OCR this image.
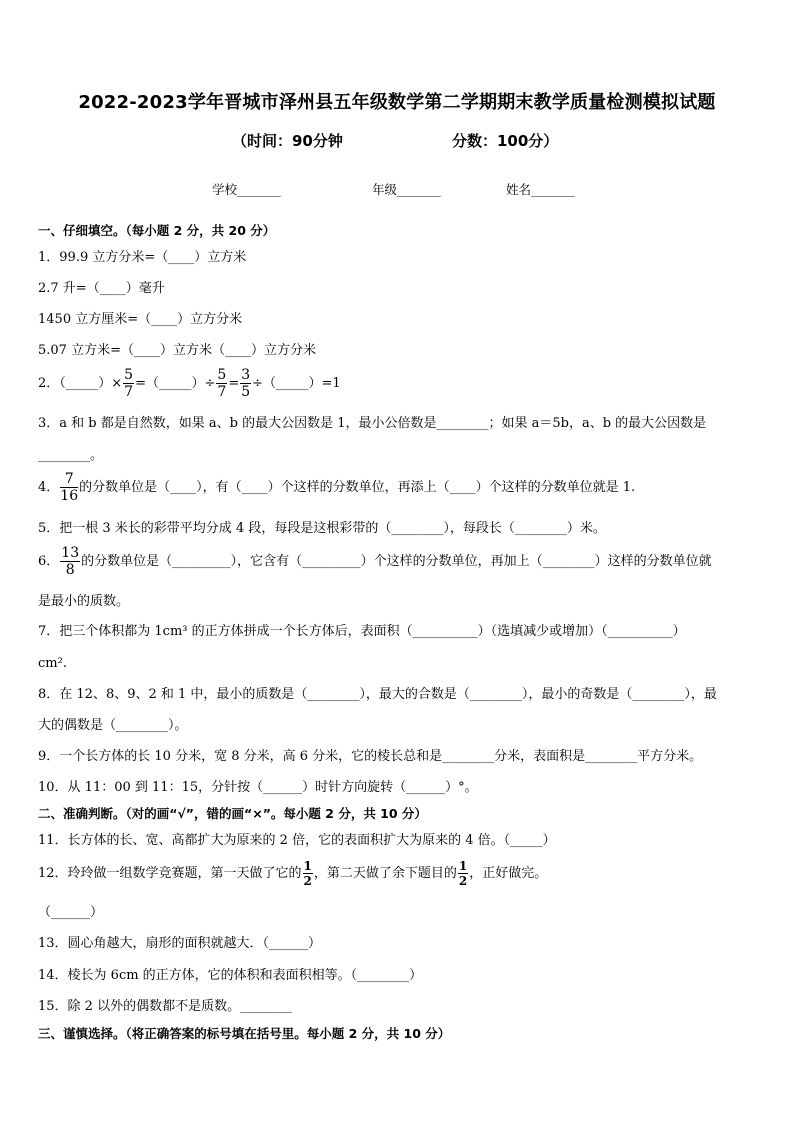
2022-2023学年晋城市泽州县五年级数学第二学期期末教学质量检测模拟试题
（时间：90分钟	分数：100分）
学校_______	年级_______	姓名_______
一、仔细填空。（每小题 2 分，共 20 分）
1．99.9 立方分米=（____）立方米
2.7 升=（____）毫升
1450 立方厘米=（____）立方分米
5.07 立方米=（____）立方米（____）立方分米
2．（_____）× $\frac{5}{7}$ =（_____）÷ $\frac{5}{7} = \frac{3}{5}$ ÷（_____）=1
3．a 和 b 都是自然数，如果 a、b 的最大公因数是 1，最小公倍数是________；如果 a＝5b，a、b 的最大公因数是
________。
4． $\frac{7}{16}$ 的分数单位是（____），有（____）个这样的分数单位，再添上（____）个这样的分数单位就是 1.
5．把一根 3 米长的彩带平均分成 4 段，每段是这根彩带的（________），每段长（________）米。
6． $\frac{13}{8}$ 的分数单位是（_________），它含有（_________）个这样的分数单位，再加上（________）这样的分数单位就
是最小的质数。
7．把三个体积都为 1cm³ 的正方体拼成一个长方体后，表面积（__________）（选填减少或增加）（__________）
cm².
8．在 12、8、9、2 和 1 中，最小的质数是（________），最大的合数是（________），最小的奇数是（________），最
大的偶数是（________）。
9．一个长方体的长 10 分米，宽 8 分米，高 6 分米，它的棱长总和是________分米，表面积是________平方分米。
10．从 11：00 到 11：15，分针按（______）时针方向旋转（______）°。
二、准确判断。（对的画“√”，错的画“×”。每小题 2 分，共 10 分）
11．长方体的长、宽、高都扩大为原来的 2 倍，它的表面积扩大为原来的 4 倍。（_____）
12．玲玲做一组数学竞赛题，第一天做了它的 $\frac{1}{2}$ ，第二天做了余下题目的 $\frac{1}{2}$ ，正好做完。
（______）
13．圆心角越大，扇形的面积就越大．（______）
14．棱长为 6cm 的正方体，它的体积和表面积相等。（________）
15．除 2 以外的偶数都不是质数。________
三、谨慎选择。（将正确答案的标号填在括号里。每小题 2 分，共 10 分）
